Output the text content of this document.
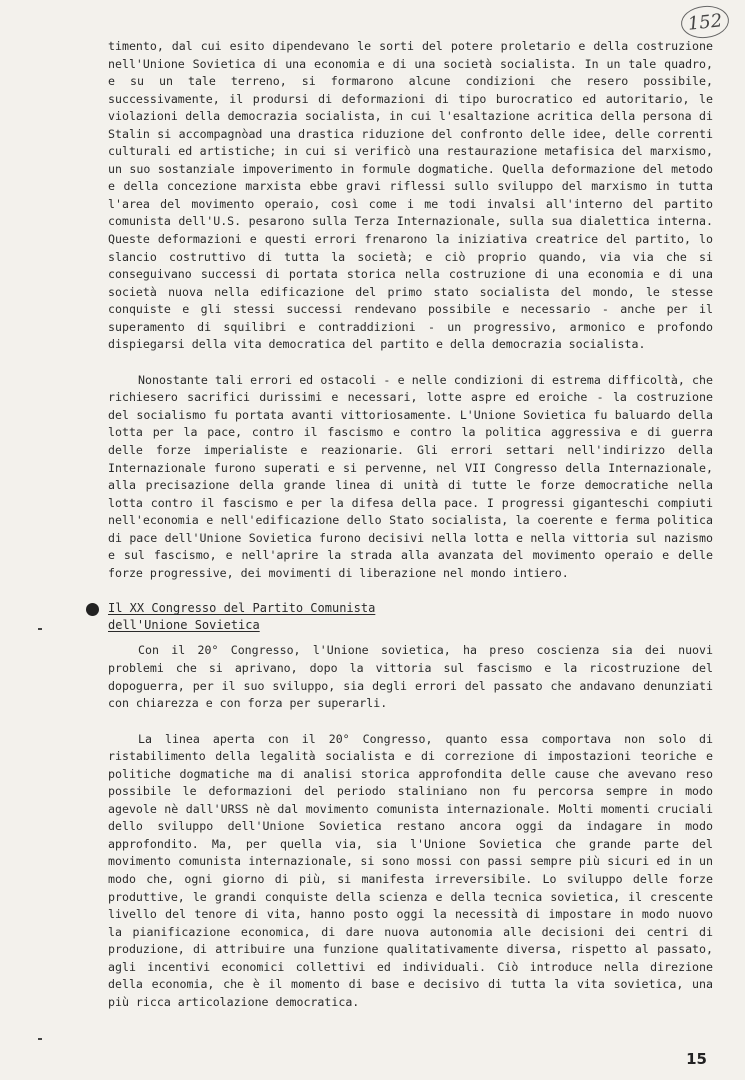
152

timento, dal cui esito dipendevano le sorti del potere proletario e della costruzione nell'Unione Sovietica di una economia e di una società socialista. In un tale quadro, e su un tale terreno, si formarono alcune condizioni che resero possibile, successivamente, il prodursi di deformazioni di tipo burocratico ed autoritario, le violazioni della democrazia socialista, in cui l'esaltazione acritica della persona di Stalin si accompagnòad una drastica riduzione del confronto delle idee, delle correnti culturali ed artistiche; in cui si verificò una restaurazione metafisica del marxismo, un suo sostanziale impoverimento in formule dogmatiche. Quella deformazione del metodo e della concezione marxista ebbe gravi riflessi sullo sviluppo del marxismo in tutta l'area del movimento operaio, così come i me todi invalsi all'interno del partito comunista dell'U.S. pesarono sulla Terza Internazionale, sulla sua dialettica interna. Queste deformazioni e questi errori frenarono la iniziativa creatrice del partito, lo slancio costruttivo di tutta la società; e ciò proprio quando, via via che si conseguivano successi di portata storica nella costruzione di una economia e di una società nuova nella edificazione del primo stato socialista del mondo, le stesse conquiste e gli stessi successi rendevano possibile e necessario - anche per il superamento di squilibri e contraddizioni - un progressivo, armonico e profondo dispiegarsi della vita democratica del partito e della democrazia socialista.

Nonostante tali errori ed ostacoli - e nelle condizioni di estrema difficoltà, che richiesero sacrifici durissimi e necessari, lotte aspre ed eroiche - la costruzione del socialismo fu portata avanti vittoriosamente. L'Unione Sovietica fu baluardo della lotta per la pace, contro il fascismo e contro la politica aggressiva e di guerra delle forze imperialiste e reazionarie. Gli errori settari nell'indirizzo della Internazionale furono superati e si pervenne, nel VII Congresso della Internazionale, alla precisazione della grande linea di unità di tutte le forze democratiche nella lotta contro il fascismo e per la difesa della pace. I progressi giganteschi compiuti nell'economia e nell'edificazione dello Stato socialista, la coerente e ferma politica di pace dell'Unione Sovietica furono decisivi nella lotta e nella vittoria sul nazismo e sul fascismo, e nell'aprire la strada alla avanzata del movimento operaio e delle forze progressive, dei movimenti di liberazione nel mondo intiero.

Il XX Congresso del Partito Comunista
dell'Unione Sovietica

Con il 20° Congresso, l'Unione sovietica, ha preso coscienza sia dei nuovi problemi che si aprivano, dopo la vittoria sul fascismo e la ricostruzione del dopoguerra, per il suo sviluppo, sia degli errori del passato che andavano denunziati con chiarezza e con forza per superarli.

La linea aperta con il 20° Congresso, quanto essa comportava non solo di ristabilimento della legalità socialista e di correzione di impostazioni teoriche e politiche dogmatiche ma di analisi storica approfondita delle cause che avevano reso possibile le deformazioni del periodo staliniano non fu percorsa sempre in modo agevole nè dall'URSS nè dal movimento comunista internazionale. Molti momenti cruciali dello sviluppo dell'Unione Sovietica restano ancora oggi da indagare in modo approfondito. Ma, per quella via, sia l'Unione Sovietica che grande parte del movimento comunista internazionale, si sono mossi con passi sempre più sicuri ed in un modo che, ogni giorno di più, si manifesta irreversibile. Lo sviluppo delle forze produttive, le grandi conquiste della scienza e della tecnica sovietica, il crescente livello del tenore di vita, hanno posto oggi la necessità di impostare in modo nuovo la pianificazione economica, di dare nuova autonomia alle decisioni dei centri di produzione, di attribuire una funzione qualitativamente diversa, rispetto al passato, agli incentivi economici collettivi ed individuali. Ciò introduce nella direzione della economia, che è il momento di base e decisivo di tutta la vita sovietica, una più ricca articolazione democratica.

15
